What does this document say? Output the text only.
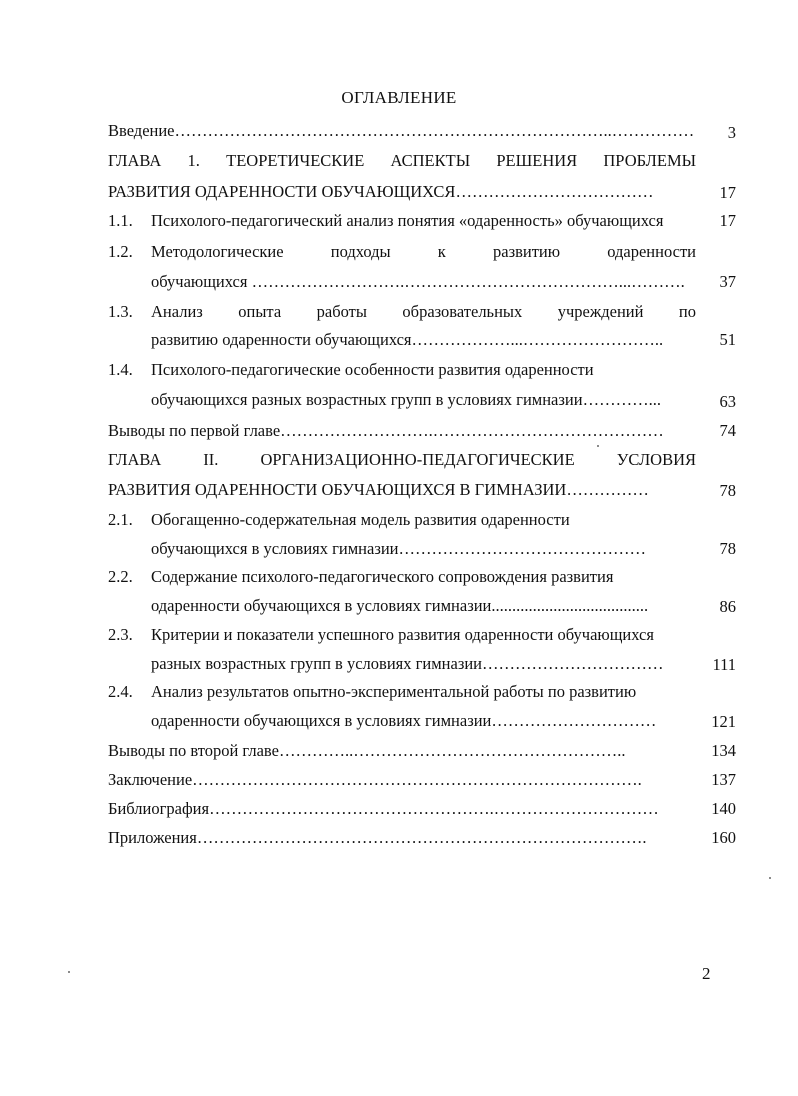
ОГЛАВЛЕНИЕ
Введение……………………………………………………………………..……………	3
ГЛАВА 1. ТЕОРЕТИЧЕСКИЕ АСПЕКТЫ РЕШЕНИЯ ПРОБЛЕМЫ
РАЗВИТИЯ ОДАРЕННОСТИ ОБУЧАЮЩИХСЯ………………………………	17
1.1. Психолого-педагогический анализ понятия «одаренность» обучающихся	17
1.2. Методологические подходы к развитию одаренности
обучающихся ……………………….…………………………………...……….	37
1.3. Анализ опыта работы образовательных учреждений по
развитию одаренности обучающихся………………...……………………..	51
1.4. Психолого-педагогические особенности развития одаренности
обучающихся разных возрастных групп в условиях гимназии…………...	63
Выводы по первой главе……………………….……………………………………	74
ГЛАВА II. ОРГАНИЗАЦИОННО-ПЕДАГОГИЧЕСКИЕ УСЛОВИЯ
РАЗВИТИЯ ОДАРЕННОСТИ ОБУЧАЮЩИХСЯ В ГИМНАЗИИ……………	78
2.1. Обогащенно-содержательная модель развития одаренности
обучающихся в условиях гимназии………………………………………	78
2.2. Содержание психолого-педагогического сопровождения развития
одаренности обучающихся в условиях гимназии......................................	86
2.3. Критерии и показатели успешного развития одаренности обучающихся
разных возрастных групп в условиях гимназии……………………………	111
2.4. Анализ результатов опытно-экспериментальной работы по развитию
одаренности обучающихся в условиях гимназии…………………………	121
Выводы по второй главе…………..…………………………………………..	134
Заключение……………………………………………………………………….	137
Библиография…………………………………………….…………………………	140
Приложения……………………………………………………………………….	160
2
